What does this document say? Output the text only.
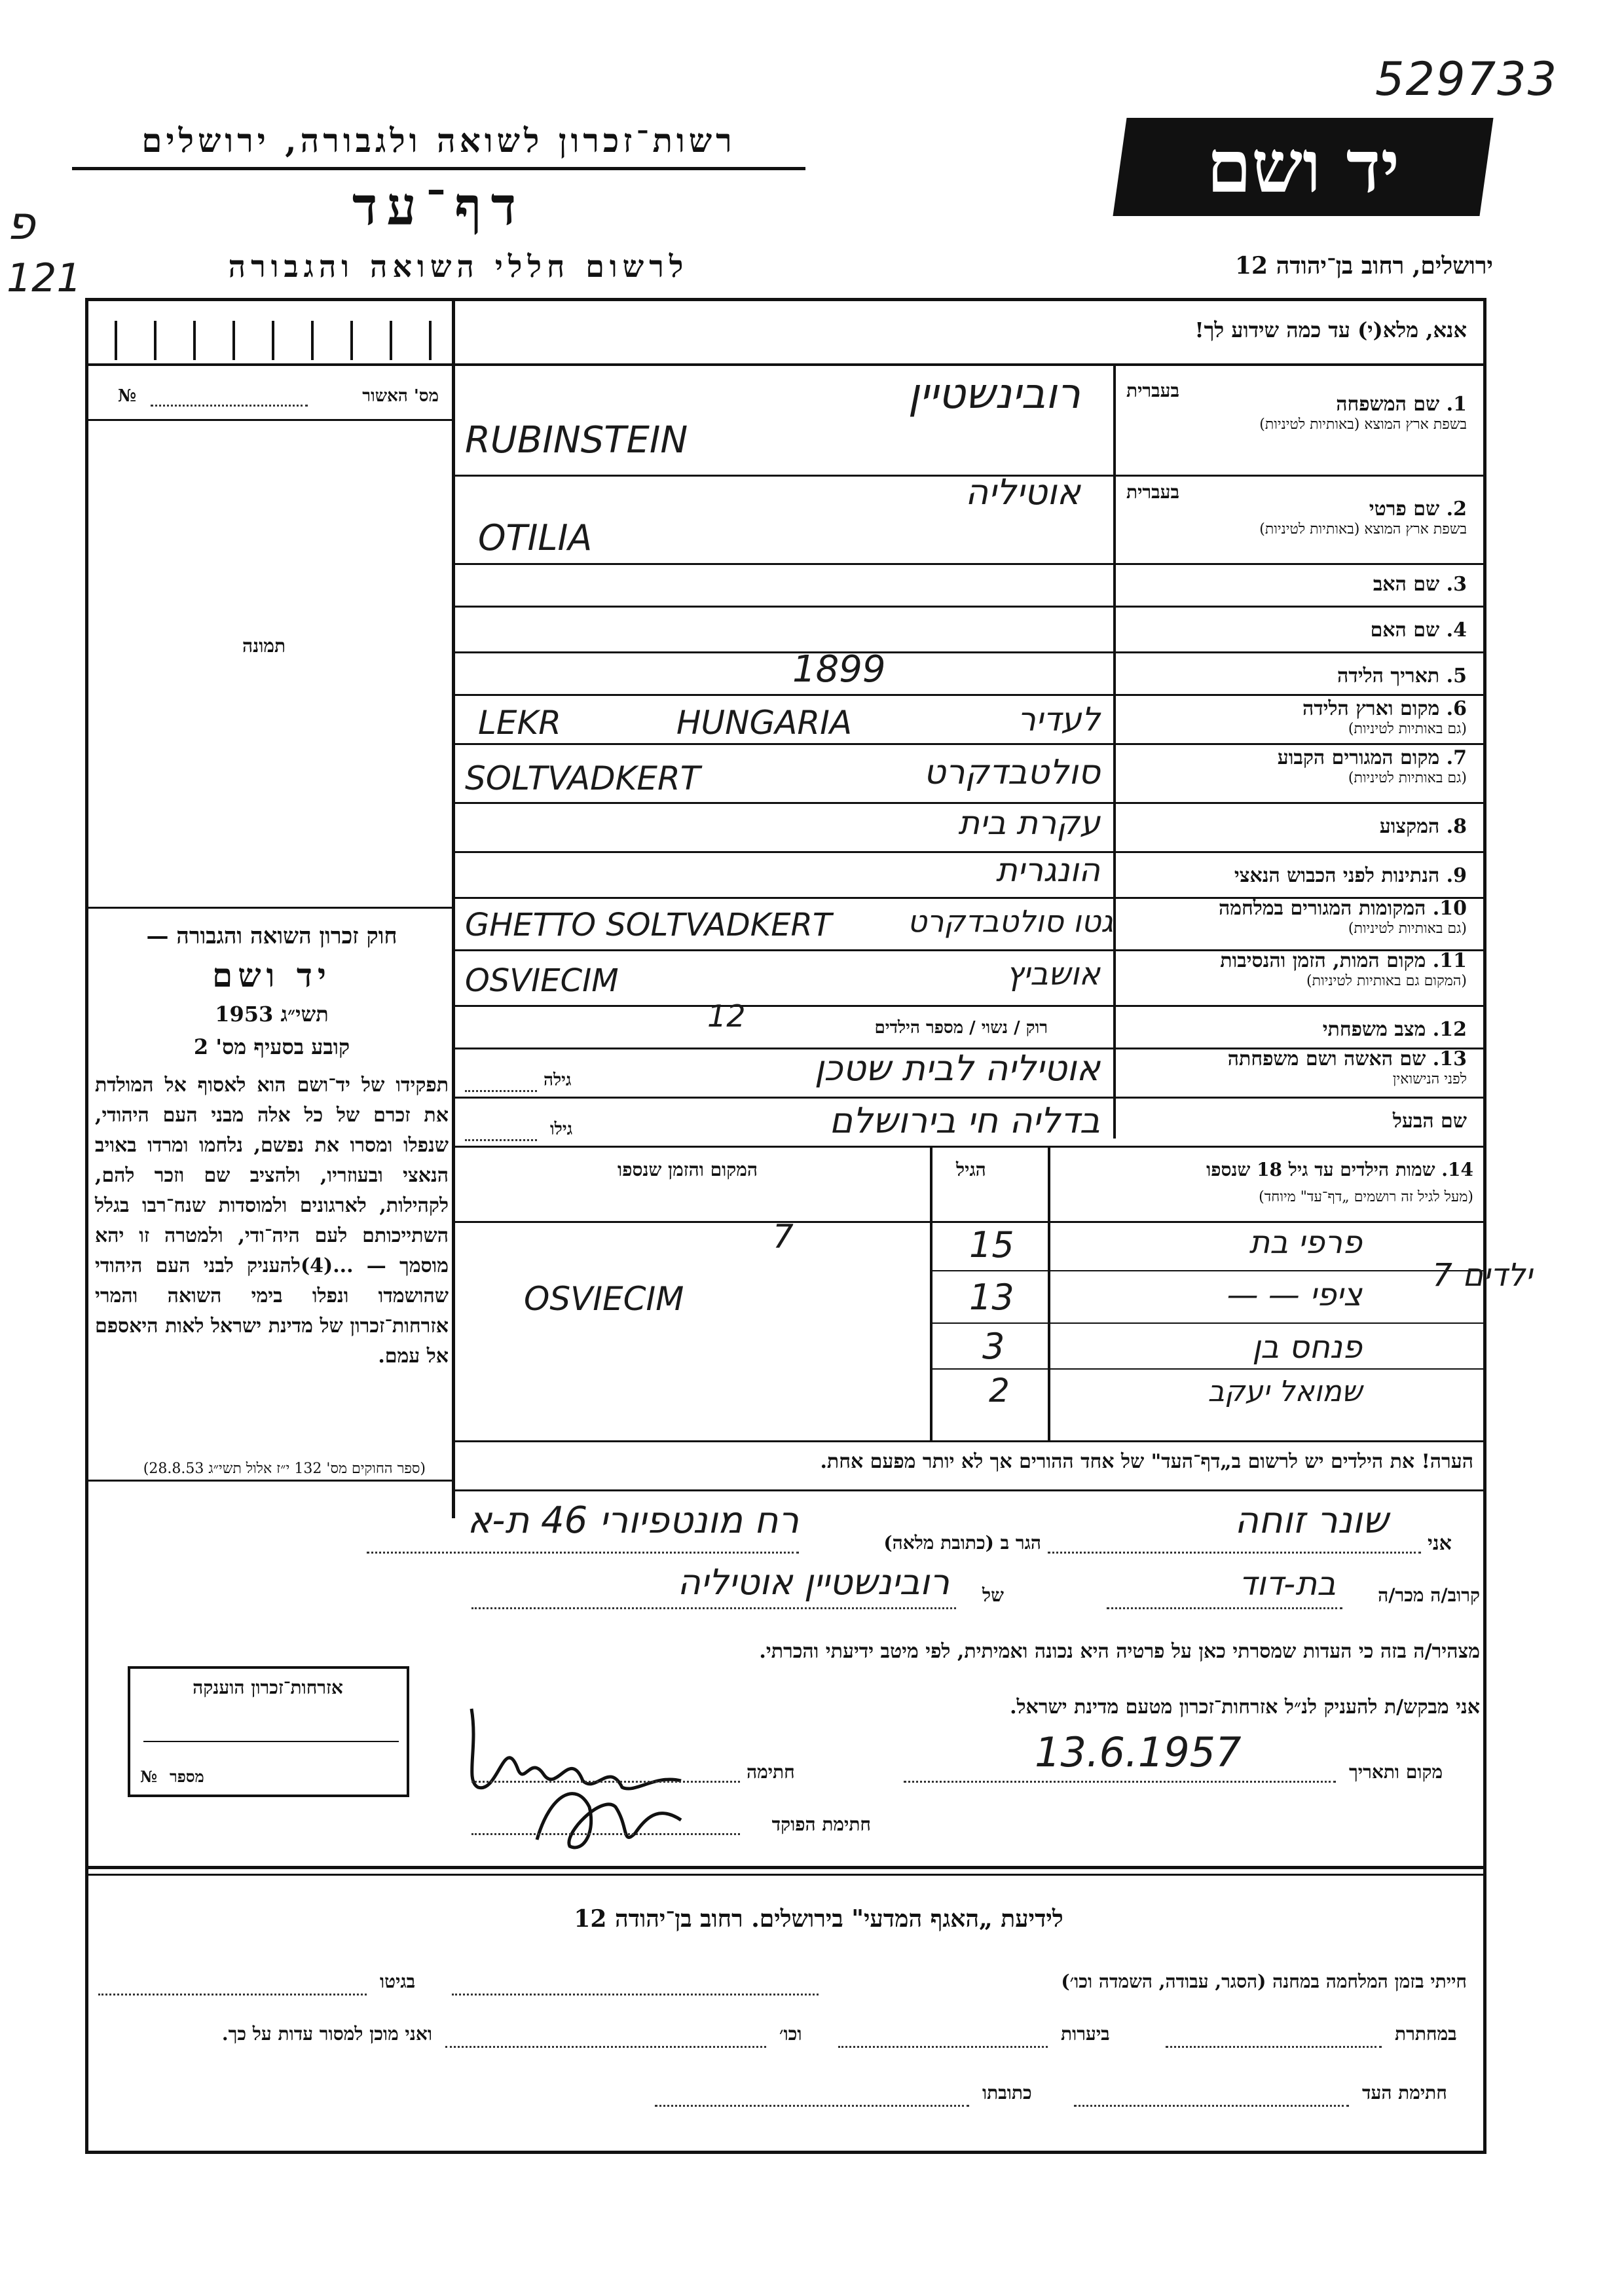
529733
פ
121
רשות־זכרון לשואה ולגבורה, ירושלים
דף־עד
לרשום חללי השואה והגבורה
יד ושם
ירושלים, רחוב בן־יהודה 12
אנא, מלא(י) עד כמה שידוע לך!
מס' האשור
№
תמונה
חוק זכרון השואה והגבורה —
יד ושם
תשי״ג 1953
קובע בסעיף מס' 2
תפקידו של יד־ושם הוא לאסוף אל המולדת את זכרם של כל אלה מבני העם היהודי, שנפלו ומסרו את נפשם, נלחמו ומרדו באויב הנאצי ובעוזריו, ולהציב שם וזכר להם, לקהילות, לארגונים ולמוסדות שנח־רבו בגלל השתייכותם לעם היה־ודי, ולמטרה זו יהא מוסמך — ...(4)להעניק לבני העם היהודי שהושמדו ונפלו בימי השואה והמרי אזרחות־זכרון של מדינת ישראל לאות היאספם אל עמם.
(ספר החוקים מס' 132 י״ז אלול תשי״ג 28.8.53)
1. שם המשפחה
בשפת ארץ המוצא (באותיות לטיניות)
בעברית
רובינשטיין
RUBINSTEIN
2. שם פרטי
בשפת ארץ המוצא (באותיות לטיניות)
בעברית
אוטיליה
OTILIA
3. שם האב
4. שם האם
5. תאריך הלידה
1899
6. מקום וארץ הלידה
(גם באותיות לטיניות)
לעדיר
LEKR HUNGARIA
7. מקום המגורים הקבוע
(גם באותיות לטיניות)
סולטבדקרט
SOLTVADKERT
8. המקצוע
עקרת בית
9. הנתינות לפני הכבוש הנאצי
הונגרית
10. המקומות המגורים במלחמה
(גם באותיות לטיניות)
גטו סולטבדקרט
GHETTO SOLTVADKERT
11. מקום המות, הזמן והנסיבות
(המקום גם באותיות לטיניות)
אושביץ
OSVIECIM
12. מצב משפחתי
רוק / נשוי / מספר הילדים
12
13. שם האשה ושם משפחתה
לפני הנישואין
אוטיליה לבית שטכן
גילה
שם הבעל
בדליה חי בירושלם
גילו
14. שמות הילדים עד גיל 18 שנספו
(מעל לגיל זה רושמים „דף־עד" מיוחד)
הגיל
המקום והזמן שנספו
פרפי בת
15
7
ציפי — —
13
OSVIECIM
פנחס בן
3
שמואל יעקב
2
ילדים 7
הערה! את הילדים יש לרשום ב„דף־העד" של אחד ההורים אך לא יותר מפעם אחת.
אני
שונר זוחה
הגר ב (כתובת מלאה)
רח מונטפיורי 46 ת-א
קרוב/ה מכר/ה
בת-דוד
של
רובינשטיין אוטיליה
מצהיר/ה בזה כי העדות שמסרתי כאן על פרטיה היא נכונה ואמיתית, לפי מיטב ידיעתי והכרתי.
אני מבקש/ת להעניק לנ״ל אזרחות־זכרון מטעם מדינת ישראל.
מקום ותאריך
13.6.1957
חתימה
חתימת הפוקד
אזרחות־זכרון הוענקה
מספר
№
לידיעת „האגף המדעי" בירושלים. רחוב בן־יהודה 12
חייתי בזמן המלחמה במחנה (הסגר, עבודה, השמדה וכו׳)
בגיטו
במחתרת
ביערות
וכו׳
ואני מוכן למסור עדות על כך.
חתימת העד
כתובתו
